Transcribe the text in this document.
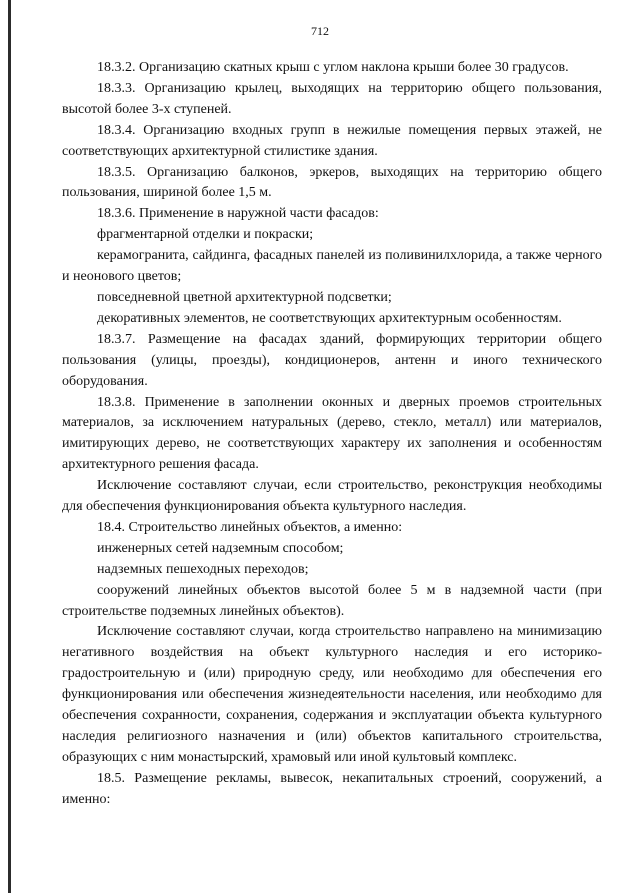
712

18.3.2. Организацию скатных крыш с углом наклона крыши более 30 градусов.

18.3.3. Организацию крылец, выходящих на территорию общего пользования, высотой более 3-х ступеней.

18.3.4. Организацию входных групп в нежилые помещения первых этажей, не соответствующих архитектурной стилистике здания.

18.3.5. Организацию балконов, эркеров, выходящих на территорию общего пользования, шириной более 1,5 м.

18.3.6. Применение в наружной части фасадов:

фрагментарной отделки и покраски;

керамогранита, сайдинга, фасадных панелей из поливинилхлорида, а также черного и неонового цветов;

повседневной цветной архитектурной подсветки;

декоративных элементов, не соответствующих архитектурным особенностям.

18.3.7. Размещение на фасадах зданий, формирующих территории общего пользования (улицы, проезды), кондиционеров, антенн и иного технического оборудования.

18.3.8. Применение в заполнении оконных и дверных проемов строительных материалов, за исключением натуральных (дерево, стекло, металл) или материалов, имитирующих дерево, не соответствующих характеру их заполнения и особенностям архитектурного решения фасада.

Исключение составляют случаи, если строительство, реконструкция необходимы для обеспечения функционирования объекта культурного наследия.

18.4. Строительство линейных объектов, а именно:

инженерных сетей надземным способом;

надземных пешеходных переходов;

сооружений линейных объектов высотой более 5 м в надземной части (при строительстве подземных линейных объектов).

Исключение составляют случаи, когда строительство направлено на минимизацию негативного воздействия на объект культурного наследия и его историко-градостроительную и (или) природную среду, или необходимо для обеспечения его функционирования или обеспечения жизнедеятельности населения, или необходимо для обеспечения сохранности, сохранения, содержания и эксплуатации объекта культурного наследия религиозного назначения и (или) объектов капитального строительства, образующих с ним монастырский, храмовый или иной культовый комплекс.

18.5. Размещение рекламы, вывесок, некапитальных строений, сооружений, а именно:
